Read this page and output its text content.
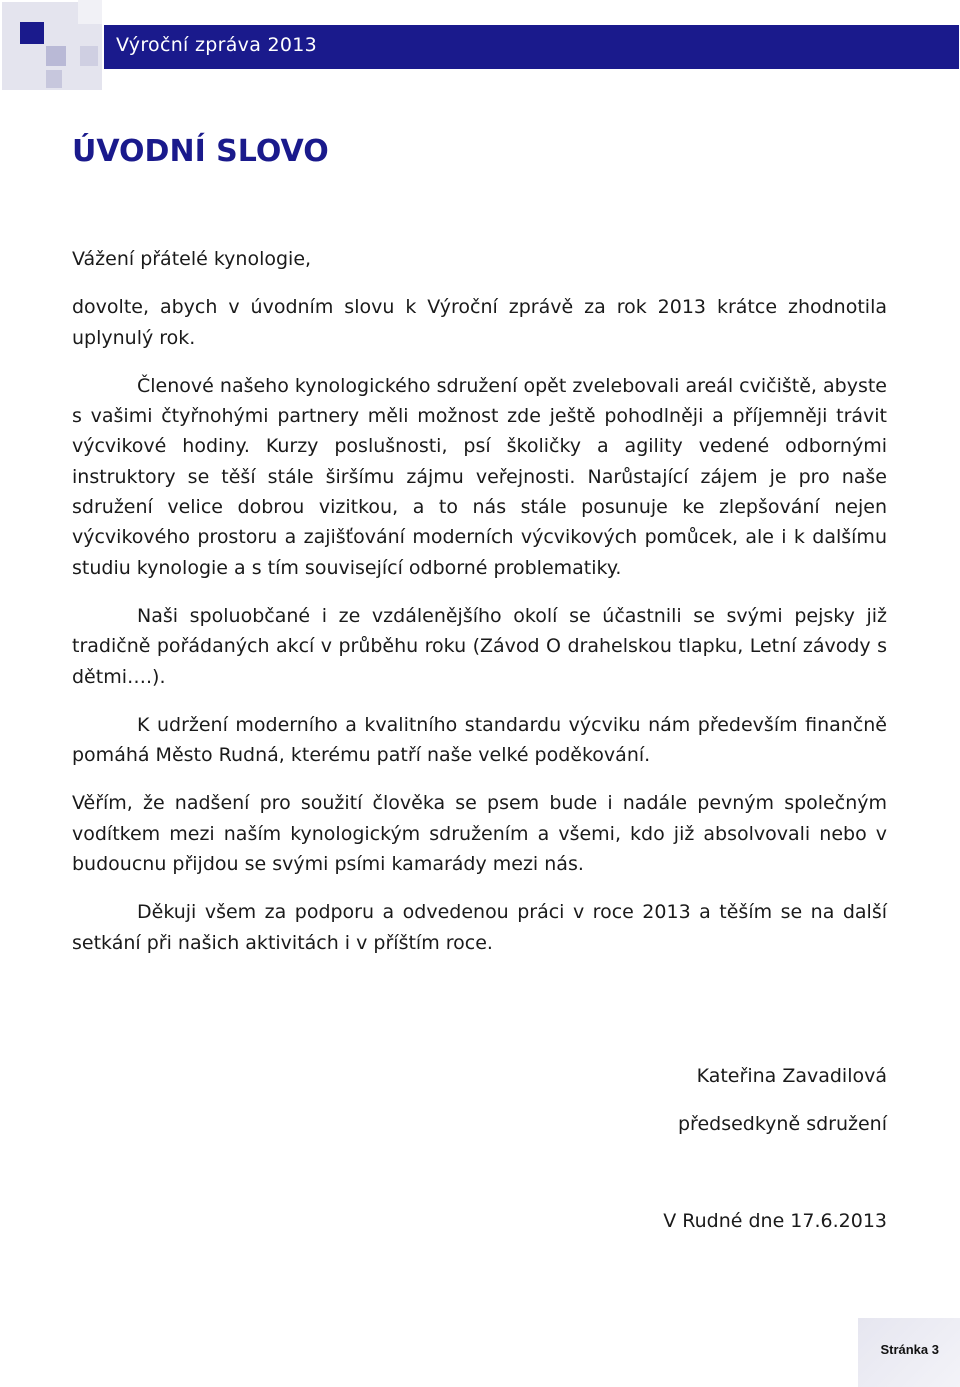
Výroční zpráva 2013
ÚVODNÍ SLOVO

Vážení přátelé kynologie,

dovolte, abych v úvodním slovu k Výroční zprávě za rok 2013 krátce zhodnotila uplynulý rok.

Členové našeho kynologického sdružení opět zvelebovali areál cvičiště, abyste s vašimi čtyřnohými partnery měli možnost zde ještě pohodlněji a příjemněji trávit výcvikové hodiny. Kurzy poslušnosti, psí školičky a agility vedené odbornými instruktory se těší stále širšímu zájmu veřejnosti. Narůstající zájem je pro naše sdružení velice dobrou vizitkou, a to nás stále posunuje ke zlepšování nejen výcvikového prostoru a zajišťování moderních výcvikových pomůcek, ale i k dalšímu studiu kynologie a s tím související odborné problematiky.

Naši spoluobčané i ze vzdálenějšího okolí se účastnili se svými pejsky již tradičně pořádaných akcí v průběhu roku (Závod O drahelskou tlapku, Letní závody s dětmi….).

K udržení moderního a kvalitního standardu výcviku nám především finančně pomáhá Město Rudná, kterému patří naše velké poděkování.

Věřím, že nadšení pro soužití člověka se psem bude i nadále pevným společným vodítkem mezi naším kynologickým sdružením a všemi, kdo již absolvovali nebo v budoucnu přijdou se svými psími kamarády mezi nás.

Děkuji všem za podporu a odvedenou práci v roce 2013 a těším se na další setkání při našich aktivitách i v příštím roce.

Kateřina Zavadilová
předsedkyně sdružení
V Rudné dne 17.6.2013
Stránka 3
